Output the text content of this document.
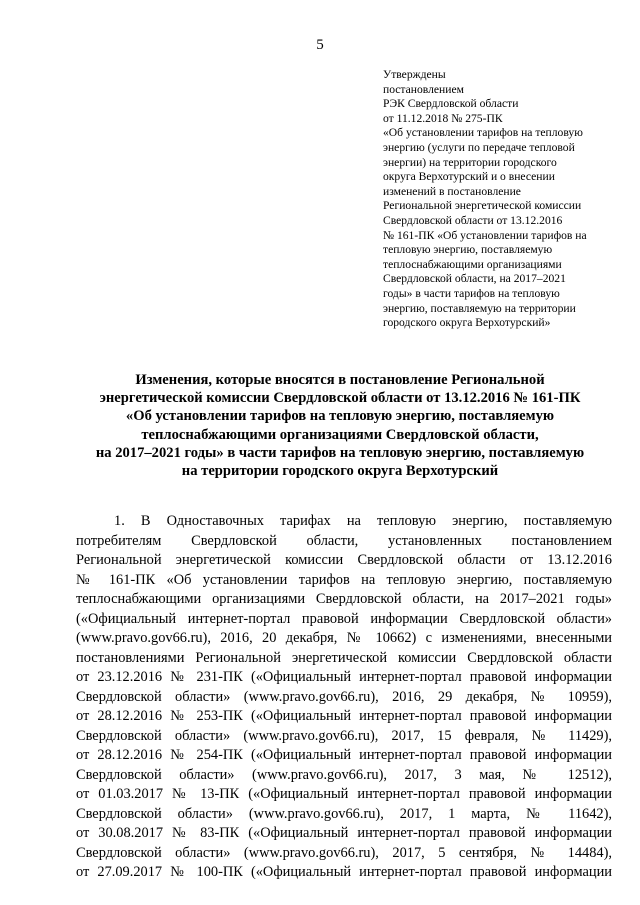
5
Утверждены
постановлением
РЭК Свердловской области
от 11.12.2018 № 275-ПК
«Об установлении тарифов на тепловую
энергию (услуги по передаче тепловой
энергии) на территории городского
округа Верхотурский и о внесении
изменений в постановление
Региональной энергетической комиссии
Свердловской области от 13.12.2016
№ 161-ПК «Об установлении тарифов на
тепловую энергию, поставляемую
теплоснабжающими организациями
Свердловской области, на 2017–2021
годы» в части тарифов на тепловую
энергию, поставляемую на территории
городского округа Верхотурский»
Изменения, которые вносятся в постановление Региональной
энергетической комиссии Свердловской области от 13.12.2016 № 161-ПК
«Об установлении тарифов на тепловую энергию, поставляемую
теплоснабжающими организациями Свердловской области,
на 2017–2021 годы» в части тарифов на тепловую энергию, поставляемую
на территории городского округа Верхотурский
1. В Одноставочных тарифах на тепловую энергию, поставляемую
потребителям Свердловской области, установленных постановлением
Региональной энергетической комиссии Свердловской области от 13.12.2016
№ 161-ПК «Об установлении тарифов на тепловую энергию, поставляемую
теплоснабжающими организациями Свердловской области, на 2017–2021 годы»
(«Официальный интернет-портал правовой информации Свердловской области»
(www.pravo.gov66.ru), 2016, 20 декабря, № 10662) с изменениями, внесенными
постановлениями Региональной энергетической комиссии Свердловской области
от 23.12.2016 № 231-ПК («Официальный интернет-портал правовой информации
Свердловской области» (www.pravo.gov66.ru), 2016, 29 декабря, № 10959),
от 28.12.2016 № 253-ПК («Официальный интернет-портал правовой информации
Свердловской области» (www.pravo.gov66.ru), 2017, 15 февраля, № 11429),
от 28.12.2016 № 254-ПК («Официальный интернет-портал правовой информации
Свердловской области» (www.pravo.gov66.ru), 2017, 3 мая, № 12512),
от 01.03.2017 № 13-ПК («Официальный интернет-портал правовой информации
Свердловской области» (www.pravo.gov66.ru), 2017, 1 марта, № 11642),
от 30.08.2017 № 83-ПК («Официальный интернет-портал правовой информации
Свердловской области» (www.pravo.gov66.ru), 2017, 5 сентября, № 14484),
от 27.09.2017 № 100-ПК («Официальный интернет-портал правовой информации
